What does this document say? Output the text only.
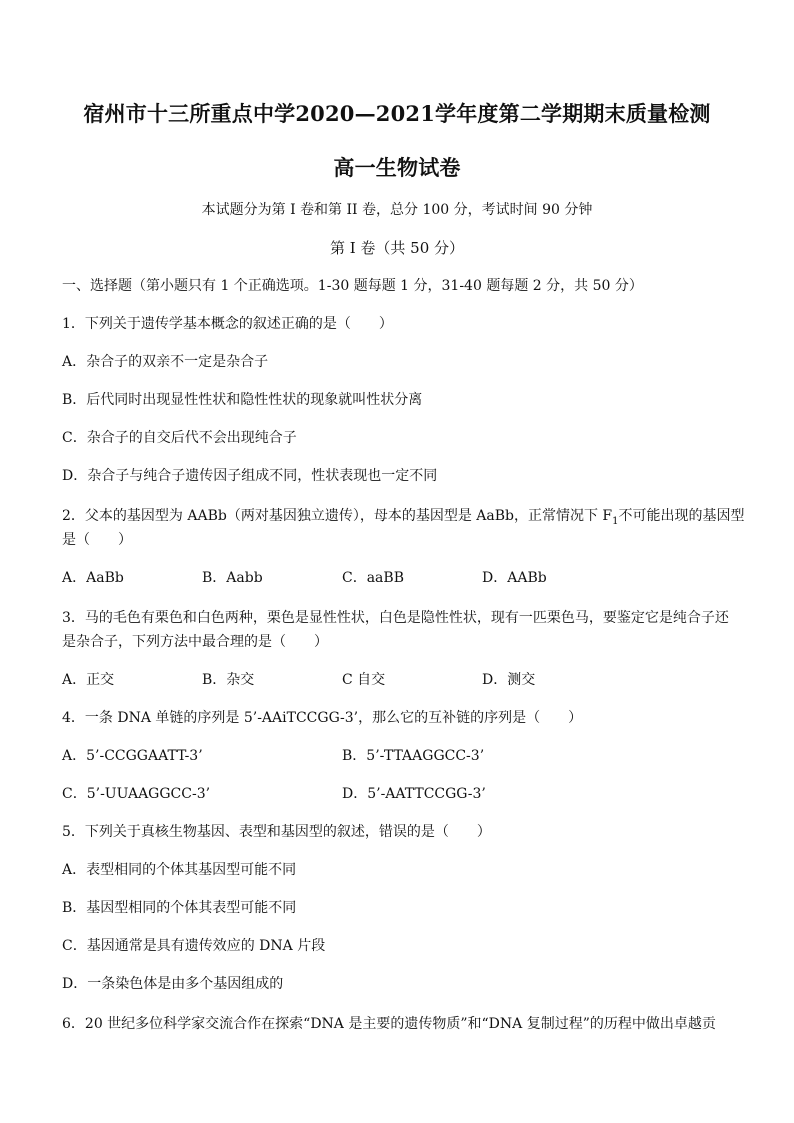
宿州市十三所重点中学2020—2021学年度第二学期期末质量检测
高一生物试卷
本试题分为第 I 卷和第 II 卷，总分 100 分，考试时间 90 分钟
第 I 卷（共 50 分）
一、选择题（第小题只有 1 个正确选项。1-30 题每题 1 分，31-40 题每题 2 分，共 50 分）
1．下列关于遗传学基本概念的叙述正确的是（　　）
A．杂合子的双亲不一定是杂合子
B．后代同时出现显性性状和隐性性状的现象就叫性状分离
C．杂合子的自交后代不会出现纯合子
D．杂合子与纯合子遗传因子组成不同，性状表现也一定不同
2．父本的基因型为 AABb（两对基因独立遗传），母本的基因型是 AaBb，正常情况下 $F_1$不可能出现的基因型
是（　　）
A．AaBb	B．Aabb	C．aaBB	D．AABb
3．马的毛色有栗色和白色两种，栗色是显性性状，白色是隐性性状，现有一匹栗色马，要鉴定它是纯合子还
是杂合子，下列方法中最合理的是（　　）
A．正交	B．杂交	C 自交	D．测交
4．一条 DNA 单链的序列是 5’-AAiTCCGG-3’，那么它的互补链的序列是（　　）
A．5’-CCGGAATT-3’	B．5’-TTAAGGCC-3’
C．5’-UUAAGGCC-3’	D．5’-AATTCCGG-3’
5．下列关于真核生物基因、表型和基因型的叙述，错误的是（　　）
A．表型相同的个体其基因型可能不同
B．基因型相同的个体其表型可能不同
C．基因通常是具有遗传效应的 DNA 片段
D．一条染色体是由多个基因组成的
6．20 世纪多位科学家交流合作在探索“DNA 是主要的遗传物质”和“DNA 复制过程”的历程中做出卓越贡
